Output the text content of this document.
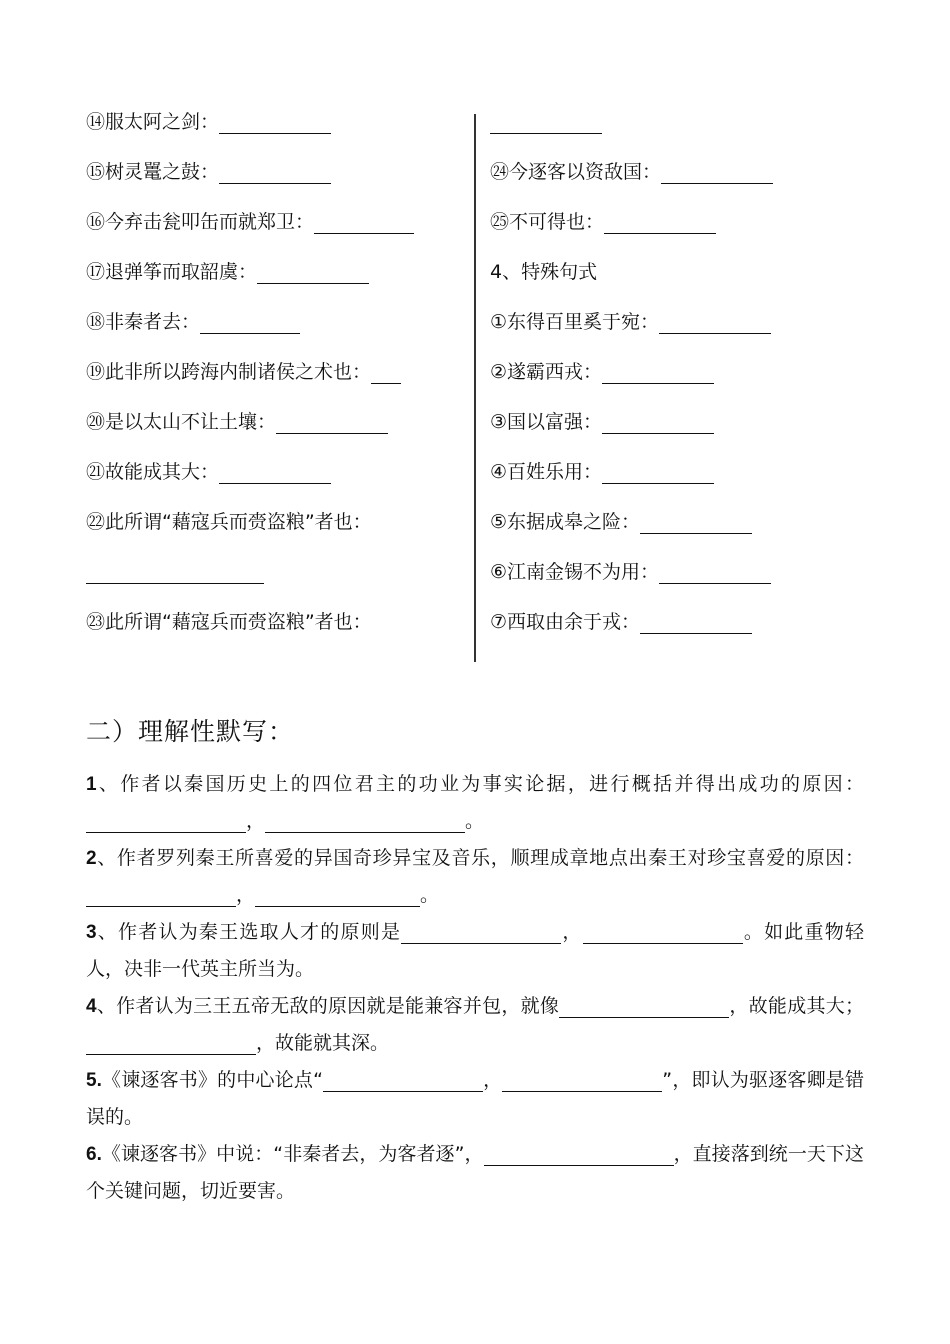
⑭服太阿之剑：
⑮树灵鼍之鼓：
⑯今弃击瓮叩缶而就郑卫：
⑰退弹筝而取韶虞：
⑱非秦者去：
⑲此非所以跨海内制诸侯之术也：
⑳是以太山不让土壤：
㉑故能成其大：
㉒此所谓“藉寇兵而赍盗粮”者也：
㉓此所谓“藉寇兵而赍盗粮”者也：
㉔今逐客以资敌国：
㉕不可得也：
4、特殊句式
①东得百里奚于宛：
②遂霸西戎：
③国以富强：
④百姓乐用：
⑤东据成皋之险：
⑥江南金锡不为用：
⑦西取由余于戎：
二）理解性默写：

1、作者以秦国历史上的四位君主的功业为事实论据，进行概括并得出成功的原因：，	。

2、作者罗列秦王所喜爱的异国奇珍异宝及音乐，顺理成章地点出秦王对珍宝喜爱的原因：，	。

3、作者认为秦王选取人才的原则是	，	。如此重物轻人，决非一代英主所当为。

4、作者认为三王五帝无敌的原因就是能兼容并包，就像	，故能成其大；，故能就其深。

5.《谏逐客书》的中心论点“	，	”，即认为驱逐客卿是错误的。

6.《谏逐客书》中说：“非秦者去，为客者逐”，	，直接落到统一天下这个关键问题，切近要害。
